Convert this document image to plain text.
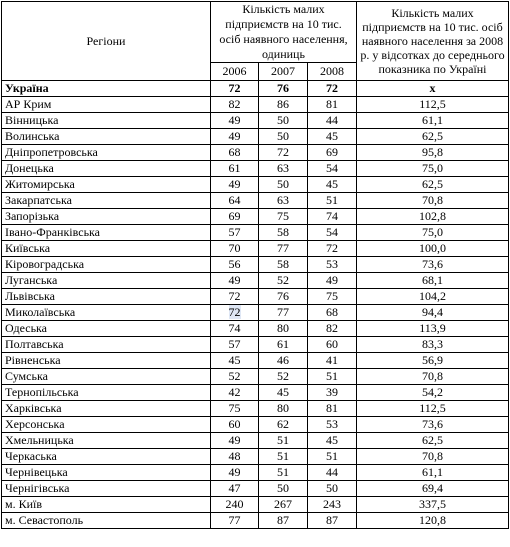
Регіони	Кількість малих підприємств на 10 тис. осіб наявного населення, одиниць			Кількість малих підприємств на 10 тис. осіб наявного населення за 2008 р. у відсотках до середнього показника по Україні
	2006	2007	2008	
Україна	72	76	72	x
АР Крим	82	86	81	112,5
Вінницька	49	50	44	61,1
Волинська	49	50	45	62,5
Дніпропетровська	68	72	69	95,8
Донецька	61	63	54	75,0
Житомирська	49	50	45	62,5
Закарпатська	64	63	51	70,8
Запорізька	69	75	74	102,8
Івано-Франківська	57	58	54	75,0
Київська	70	77	72	100,0
Кіровоградська	56	58	53	73,6
Луганська	49	52	49	68,1
Львівська	72	76	75	104,2
Миколаївська	72	77	68	94,4
Одеська	74	80	82	113,9
Полтавська	57	61	60	83,3
Рівненська	45	46	41	56,9
Сумська	52	52	51	70,8
Тернопільська	42	45	39	54,2
Харківська	75	80	81	112,5
Херсонська	60	62	53	73,6
Хмельницька	49	51	45	62,5
Черкаська	48	51	51	70,8
Чернівецька	49	51	44	61,1
Чернігівська	47	50	50	69,4
м. Київ	240	267	243	337,5
м. Севастополь	77	87	87	120,8
